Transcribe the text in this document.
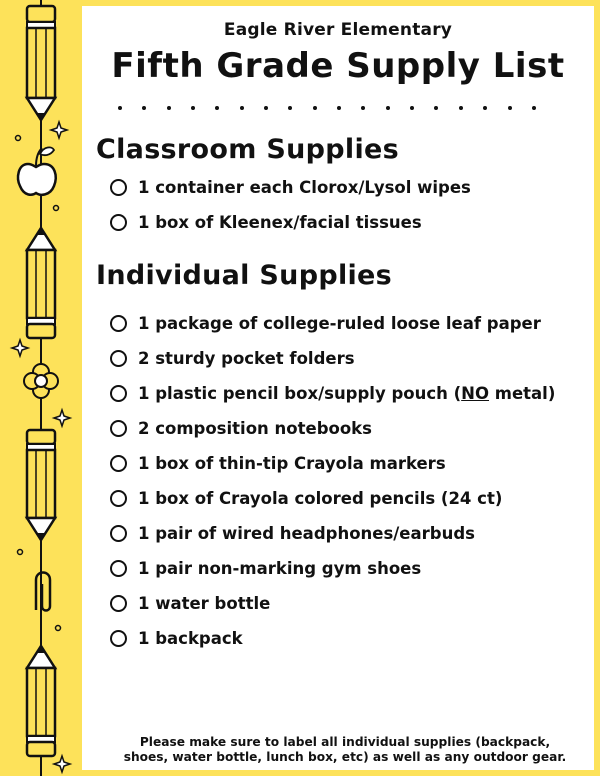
Eagle River Elementary
Fifth Grade Supply List
Classroom Supplies
1 container each Clorox/Lysol wipes
1 box of Kleenex/facial tissues
Individual Supplies
1 package of college-ruled loose leaf paper
2 sturdy pocket folders
1 plastic pencil box/supply pouch (NO metal)
2 composition notebooks
1 box of thin-tip Crayola markers
1 box of Crayola colored pencils (24 ct)
1 pair of wired headphones/earbuds
1 pair non-marking gym shoes
1 water bottle
1 backpack
Please make sure to label all individual supplies (backpack,
shoes, water bottle, lunch box, etc) as well as any outdoor gear.
